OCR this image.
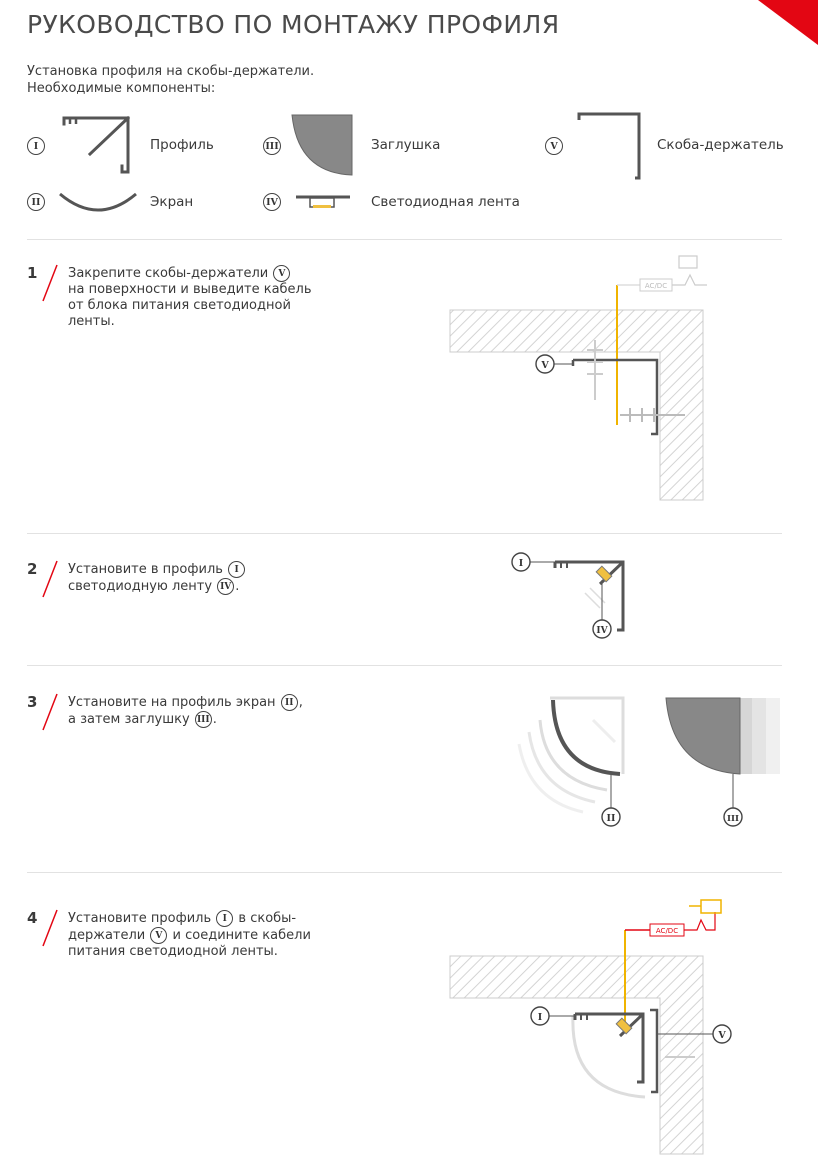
РУКОВОДСТВО ПО МОНТАЖУ ПРОФИЛЯ
Установка профиля на скобы-держатели.
Необходимые компоненты:
I	Профиль
II	Экран
III	Заглушка
IV	Светодиодная лента
V	Скоба-держатель
1 Закрепите скобы-держатели V
на поверхности и выведите кабель
от блока питания светодиодной
ленты.
AC/DC
V
2 Установите в профиль I
светодиодную ленту IV .
I
IV
3 Установите на профиль экран II ,
а затем заглушку III .
II	III
4 Установите профиль I в скобы-
держатели V и соедините кабели
питания светодиодной ленты.
AC/DC
I
V
